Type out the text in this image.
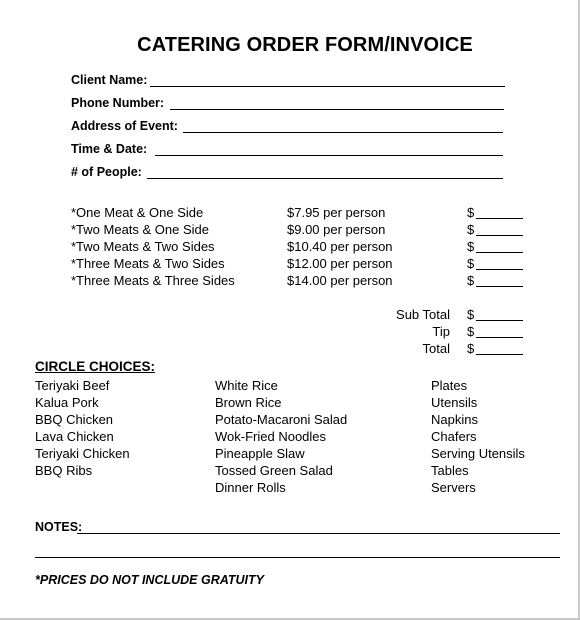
CATERING ORDER FORM/INVOICE
Client Name:
Phone Number:
Address of Event:
Time & Date:
# of People:
*One Meat & One Side	$7.95 per person	$
*Two Meats & One Side	$9.00 per person	$
*Two Meats & Two Sides	$10.40 per person	$
*Three Meats & Two Sides	$12.00 per person	$
*Three Meats & Three Sides	$14.00 per person	$
Sub Total $
Tip $
Total $
CIRCLE CHOICES:
Teriyaki Beef
Kalua Pork
BBQ Chicken
Lava Chicken
Teriyaki Chicken
BBQ Ribs
White Rice
Brown Rice
Potato-Macaroni Salad
Wok-Fried Noodles
Pineapple Slaw
Tossed Green Salad
Dinner Rolls
Plates
Utensils
Napkins
Chafers
Serving Utensils
Tables
Servers
NOTES:
*PRICES DO NOT INCLUDE GRATUITY
